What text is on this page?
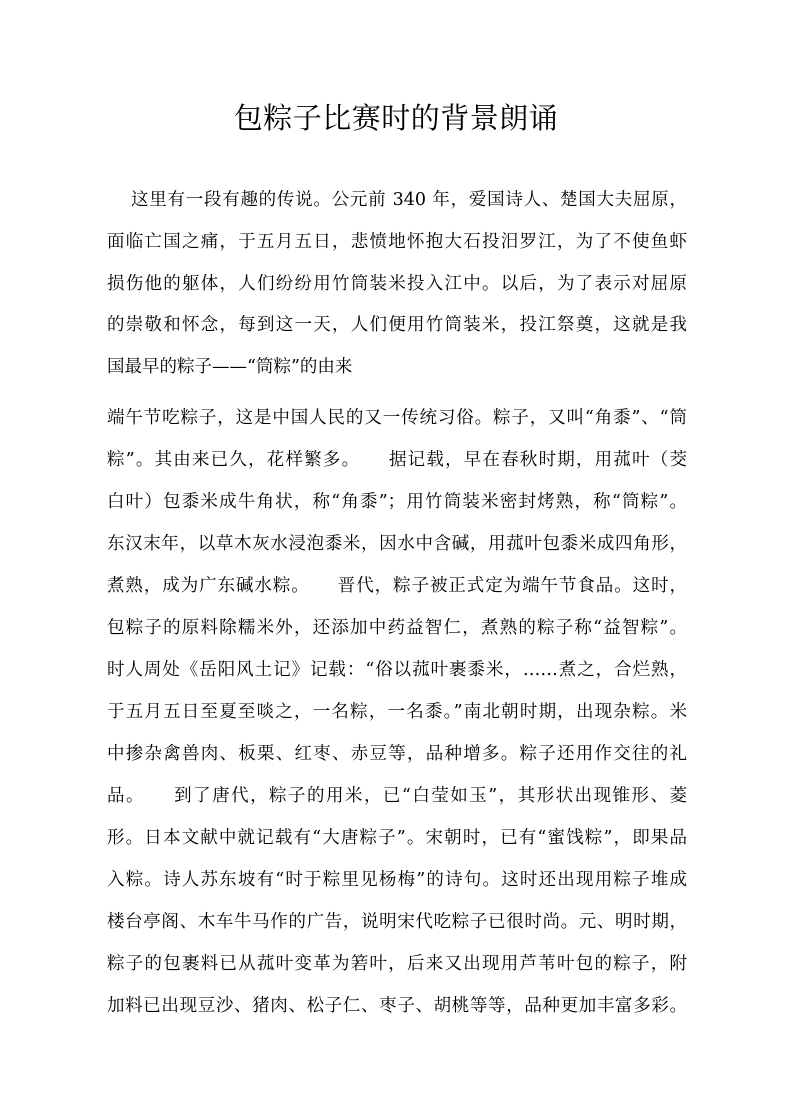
包粽子比赛时的背景朗诵

这里有一段有趣的传说。公元前 340 年，爱国诗人、楚国大夫屈原，

面临亡国之痛，于五月五日，悲愤地怀抱大石投汨罗江，为了不使鱼虾

损伤他的躯体，人们纷纷用竹筒装米投入江中。以后，为了表示对屈原

的崇敬和怀念，每到这一天，人们便用竹筒装米，投江祭奠，这就是我

国最早的粽子——“筒粽”的由来

端午节吃粽子，这是中国人民的又一传统习俗。粽子，又叫“角黍”、“筒

粽”。其由来已久，花样繁多。　　据记载，早在春秋时期，用菰叶（茭

白叶）包黍米成牛角状，称“角黍”；用竹筒装米密封烤熟，称“筒粽”。

东汉末年，以草木灰水浸泡黍米，因水中含碱，用菰叶包黍米成四角形，

煮熟，成为广东碱水粽。　　晋代，粽子被正式定为端午节食品。这时，

包粽子的原料除糯米外，还添加中药益智仁，煮熟的粽子称“益智粽”。

时人周处《岳阳风土记》记载：“俗以菰叶裹黍米，……煮之，合烂熟，

于五月五日至夏至啖之，一名粽，一名黍。”南北朝时期，出现杂粽。米

中掺杂禽兽肉、板栗、红枣、赤豆等，品种增多。粽子还用作交往的礼

品。　　到了唐代，粽子的用米，已“白莹如玉”，其形状出现锥形、菱

形。日本文献中就记载有“大唐粽子”。宋朝时，已有“蜜饯粽”，即果品

入粽。诗人苏东坡有“时于粽里见杨梅”的诗句。这时还出现用粽子堆成

楼台亭阁、木车牛马作的广告，说明宋代吃粽子已很时尚。元、明时期，

粽子的包裹料已从菰叶变革为箬叶，后来又出现用芦苇叶包的粽子，附

加料已出现豆沙、猪肉、松子仁、枣子、胡桃等等，品种更加丰富多彩。
